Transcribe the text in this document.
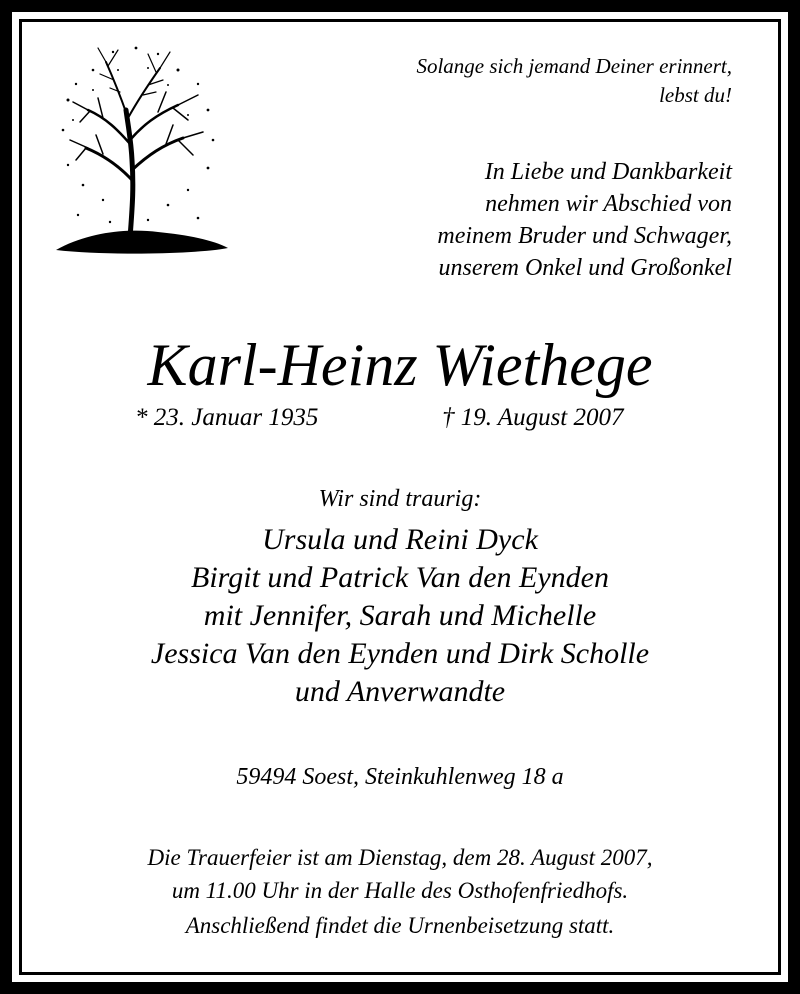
Solange sich jemand Deiner erinnert,
lebst du!
In Liebe und Dankbarkeit
nehmen wir Abschied von
meinem Bruder und Schwager,
unserem Onkel und Großonkel
Karl-Heinz Wiethege
* 23. Januar 1935	† 19. August 2007
Wir sind traurig:
Ursula und Reini Dyck
Birgit und Patrick Van den Eynden
mit Jennifer, Sarah und Michelle
Jessica Van den Eynden und Dirk Scholle
und Anverwandte
59494 Soest, Steinkuhlenweg 18 a
Die Trauerfeier ist am Dienstag, dem 28. August 2007,
um 11.00 Uhr in der Halle des Osthofenfriedhofs.
Anschließend findet die Urnenbeisetzung statt.
